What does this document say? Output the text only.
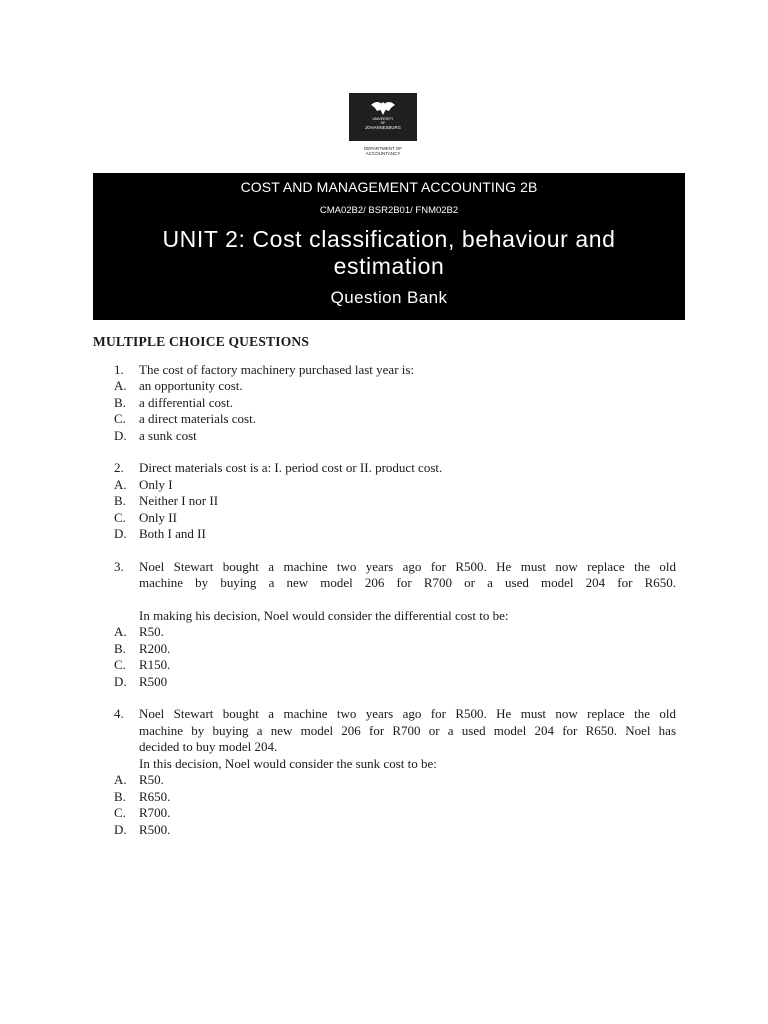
UNIVERSITY
OF
JOHANNESBURG
DEPARTMENT OF
ACCOUNTANCY
COST AND MANAGEMENT ACCOUNTING 2B
CMA02B2/ BSR2B01/ FNM02B2
UNIT 2: Cost classification, behaviour and estimation
Question Bank
MULTIPLE CHOICE QUESTIONS
1.	The cost of factory machinery purchased last year is:
A. an opportunity cost.
B.	a differential cost.
C.	a direct materials cost.
D. a sunk cost
2.	Direct materials cost is a: I. period cost or II. product cost.
A. Only I
B.	Neither I nor II
C.	Only II
D. Both I and II
3.	Noel Stewart bought a machine two years ago for R500. He must now replace the old
machine by buying a new model 206 for R700 or a used model 204 for R650.
In making his decision, Noel would consider the differential cost to be:
A. R50.
B.	R200.
C.	R150.
D. R500
4.	Noel Stewart bought a machine two years ago for R500. He must now replace the old
machine by buying a new model 206 for R700 or a used model 204 for R650. Noel has
decided to buy model 204.
In this decision, Noel would consider the sunk cost to be:
A. R50.
B.	R650.
C.	R700.
D. R500.
